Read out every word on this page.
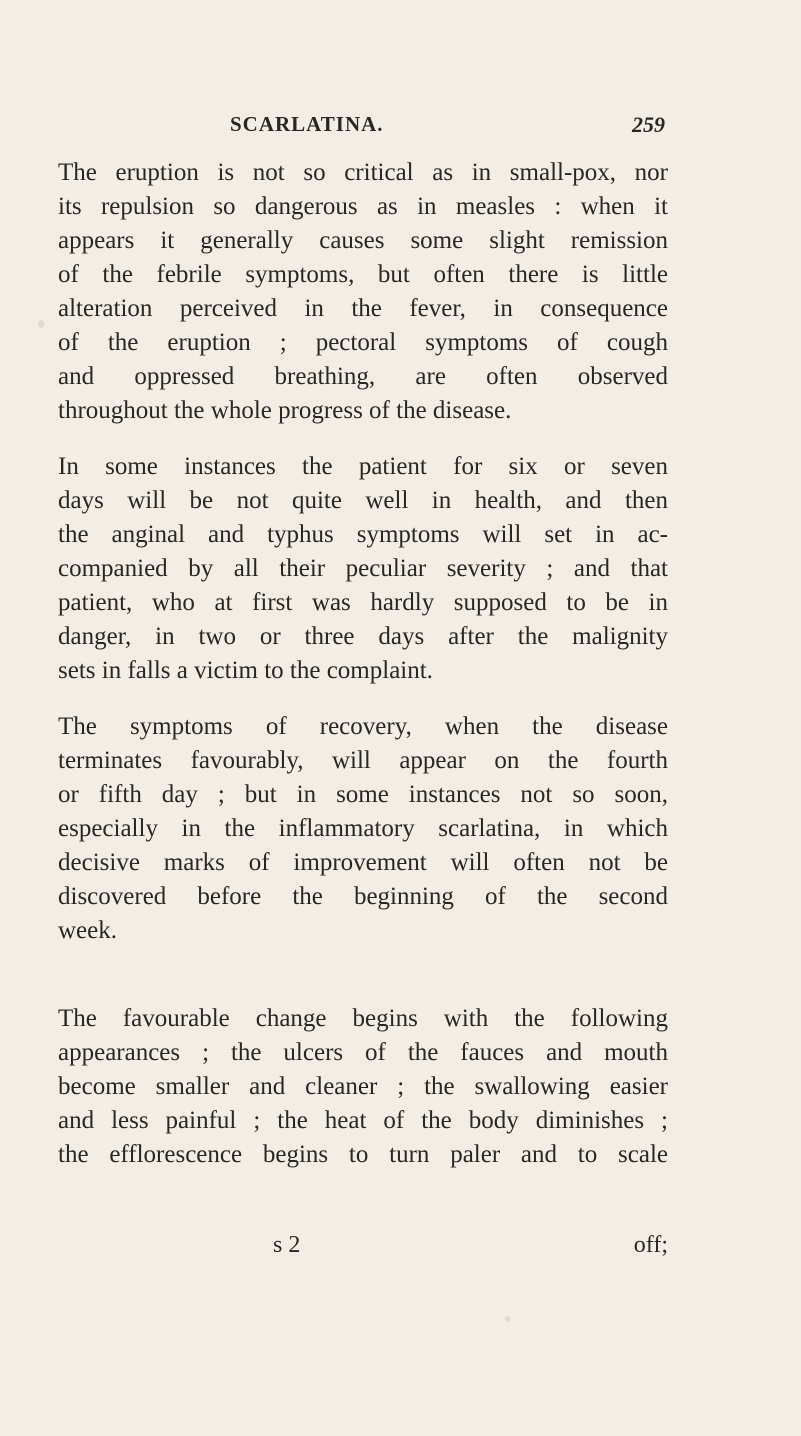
SCARLATINA.	259
The eruption is not so critical as in small-pox, nor
its repulsion so dangerous as in measles : when it
appears it generally causes some slight remission
of the febrile symptoms, but often there is little
alteration perceived in the fever, in consequence
of the eruption ; pectoral symptoms of cough
and oppressed breathing, are often observed
throughout the whole progress of the disease.
In some instances the patient for six or seven
days will be not quite well in health, and then
the anginal and typhus symptoms will set in ac-
companied by all their peculiar severity ; and that
patient, who at first was hardly supposed to be in
danger, in two or three days after the malignity
sets in falls a victim to the complaint.
The symptoms of recovery, when the disease
terminates favourably, will appear on the fourth
or fifth day ; but in some instances not so soon,
especially in the inflammatory scarlatina, in which
decisive marks of improvement will often not be
discovered before the beginning of the second
week.
The favourable change begins with the following
appearances ; the ulcers of the fauces and mouth
become smaller and cleaner ; the swallowing easier
and less painful ; the heat of the body diminishes ;
the efflorescence begins to turn paler and to scale
s 2	off;
